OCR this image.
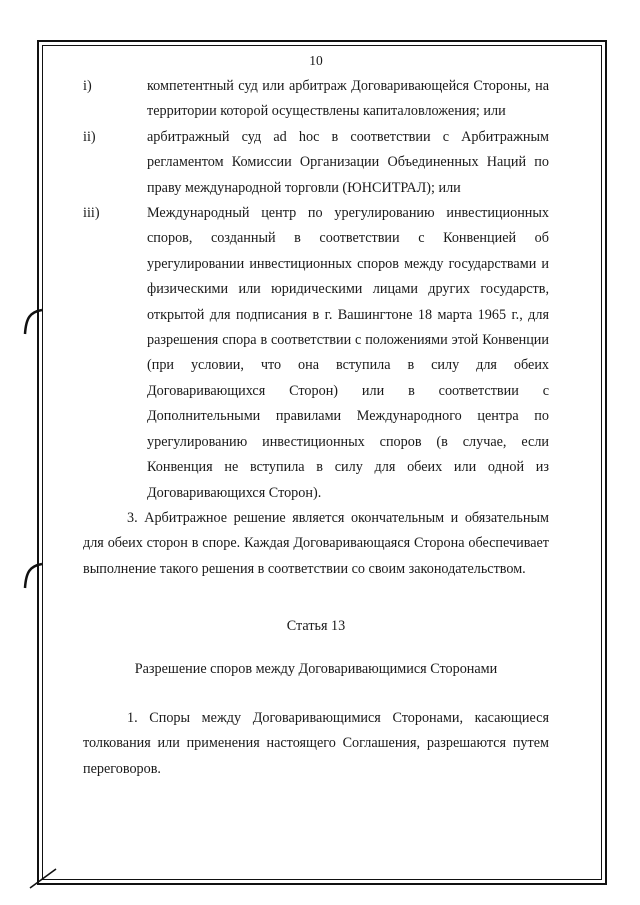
10
i)	компетентный суд или арбитраж Договаривающейся Стороны, на территории которой осуществлены капиталовложения; или

ii)	арбитражный суд ad hoc в соответствии с Арбитражным регламентом Комиссии Организации Объединенных Наций по праву международной торговли (ЮНСИТРАЛ); или

iii)	Международный центр по урегулированию инвестиционных споров, созданный в соответствии с Конвенцией об урегулировании инвестиционных споров между государствами и физическими или юридическими лицами других государств, открытой для подписания в г. Вашингтоне 18 марта 1965 г., для разрешения спора в соответствии с положениями этой Конвенции (при условии, что она вступила в силу для обеих Договаривающихся Сторон) или в соответствии с Дополнительными правилами Международного центра по урегулированию инвестиционных споров (в случае, если Конвенция не вступила в силу для обеих или одной из Договаривающихся Сторон).

3. Арбитражное решение является окончательным и обязательным для обеих сторон в споре. Каждая Договаривающаяся Сторона обеспечивает выполнение такого решения в соответствии со своим законодательством.

Статья 13

Разрешение споров между Договаривающимися Сторонами

1. Споры между Договаривающимися Сторонами, касающиеся толкования или применения настоящего Соглашения, разрешаются путем переговоров.
